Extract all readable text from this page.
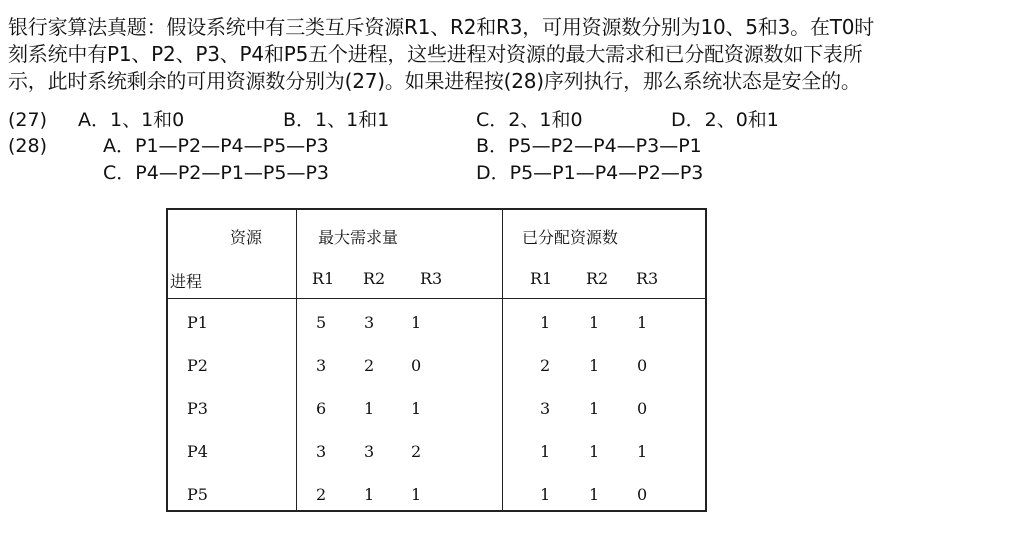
银行家算法真题：假设系统中有三类互斥资源R1、R2和R3，可用资源数分别为10、5和3。在T0时

刻系统中有P1、P2、P3、P4和P5五个进程，这些进程对资源的最大需求和已分配资源数如下表所

示，此时系统剩余的可用资源数分别为(27)。如果进程按(28)序列执行，那么系统状态是安全的。

(27) A．1、1和0	B．1、1和1	C．2、1和0	D．2、0和1
(28)	A．P1—P2—P4—P5—P3	B．P5—P2—P4—P3—P1
C．P4—P2—P1—P5—P3	D．P5—P1—P4—P2—P3
资源
进程
最大需求量	已分配资源数
R1 R2 R3	R1 R2 R3
P1	5 3 1	1 1 1
P2	3 2 0	2 1 0
P3	6 1 1	3 1 0
P4	3 3 2	1 1 1
P5	2 1 1	1 1 0
